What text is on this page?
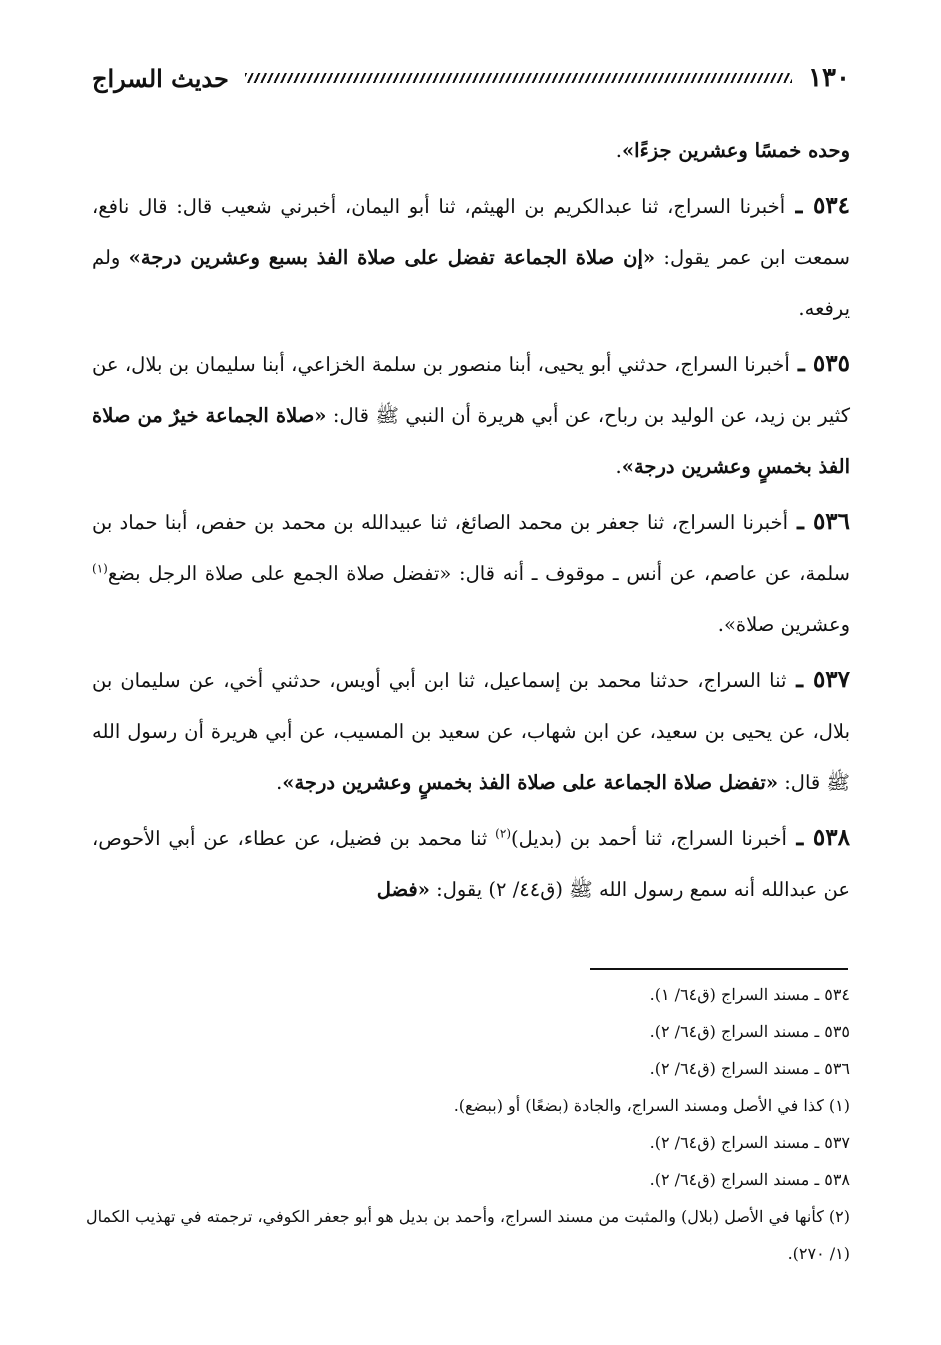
١٣٠
حديث السراج

وحده خمسًا وعشرين جزءًا».

٥٣٤ ـ أخبرنا السراج، ثنا عبدالكريم بن الهيثم، ثنا أبو اليمان، أخبرني شعيب قال: قال نافع، سمعت ابن عمر يقول: «إن صلاة الجماعة تفضل على صلاة الفذ بسبع وعشرين درجة» ولم يرفعه.

٥٣٥ ـ أخبرنا السراج، حدثني أبو يحيى، أبنا منصور بن سلمة الخزاعي، أبنا سليمان بن بلال، عن كثير بن زيد، عن الوليد بن رباح، عن أبي هريرة أن النبي ﷺ قال: «صلاة الجماعة خيرٌ من صلاة الفذ بخمسٍ وعشرين درجة».

٥٣٦ ـ أخبرنا السراج، ثنا جعفر بن محمد الصائغ، ثنا عبيدالله بن محمد بن حفص، أبنا حماد بن سلمة، عن عاصم، عن أنس ـ موقوف ـ أنه قال: «تفضل صلاة الجمع على صلاة الرجل بضع$^{(١)}$ وعشرين صلاة».

٥٣٧ ـ ثنا السراج، حدثنا محمد بن إسماعيل، ثنا ابن أبي أويس، حدثني أخي، عن سليمان بن بلال، عن يحيى بن سعيد، عن ابن شهاب، عن سعيد بن المسيب، عن أبي هريرة أن رسول الله ﷺ قال: «تفضل صلاة الجماعة على صلاة الفذ بخمسٍ وعشرين درجة».

٥٣٨ ـ أخبرنا السراج، ثنا أحمد بن (بديل)$^{(٢)}$ ثنا محمد بن فضيل، عن عطاء، عن أبي الأحوص، عن عبدالله أنه سمع رسول الله ﷺ (ق٤٤/ ٢) يقول: «فضل

٥٣٤ ـ مسند السراج (ق٦٤/ ١).
٥٣٥ ـ مسند السراج (ق٦٤/ ٢).
٥٣٦ ـ مسند السراج (ق٦٤/ ٢).
(١) كذا في الأصل ومسند السراج، والجادة (بضعًا) أو (ببضع).
٥٣٧ ـ مسند السراج (ق٦٤/ ٢).
٥٣٨ ـ مسند السراج (ق٦٤/ ٢).
(٢) كأنها في الأصل (بلال) والمثبت من مسند السراج، وأحمد بن بديل هو أبو جعفر الكوفي، ترجمته في تهذيب الكمال (١/ ٢٧٠).
